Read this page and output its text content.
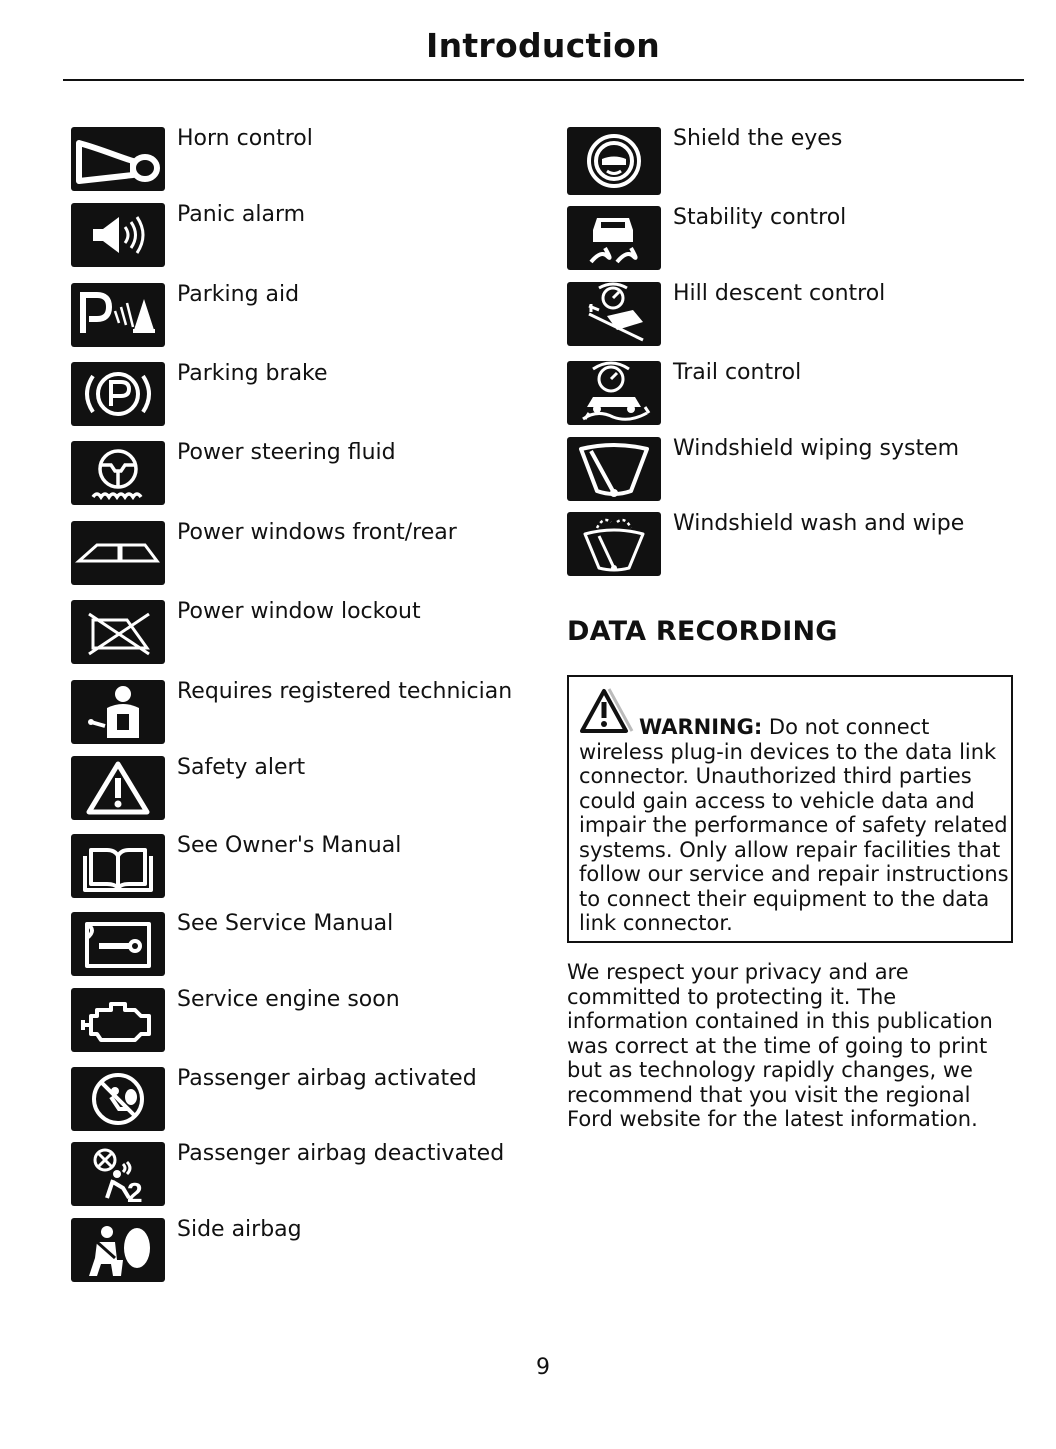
Introduction
Horn control
Panic alarm
Parking aid
Parking brake
Power steering fluid
Power windows front/rear
Power window lockout
Requires registered technician
Safety alert
See Owner's Manual
See Service Manual
Service engine soon
Passenger airbag activated
2
Passenger airbag deactivated
Side airbag
Shield the eyes
Stability control
Hill descent control
Trail control
Windshield wiping system
Windshield wash and wipe
DATA RECORDING
WARNING: Do not connect wireless plug-in devices to the data link connector. Unauthorized third parties could gain access to vehicle data and impair the performance of safety related systems. Only allow repair facilities that follow our service and repair instructions to connect their equipment to the data link connector.
We respect your privacy and are committed to protecting it. The information contained in this publication was correct at the time of going to print but as technology rapidly changes, we recommend that you visit the regional Ford website for the latest information.
9
